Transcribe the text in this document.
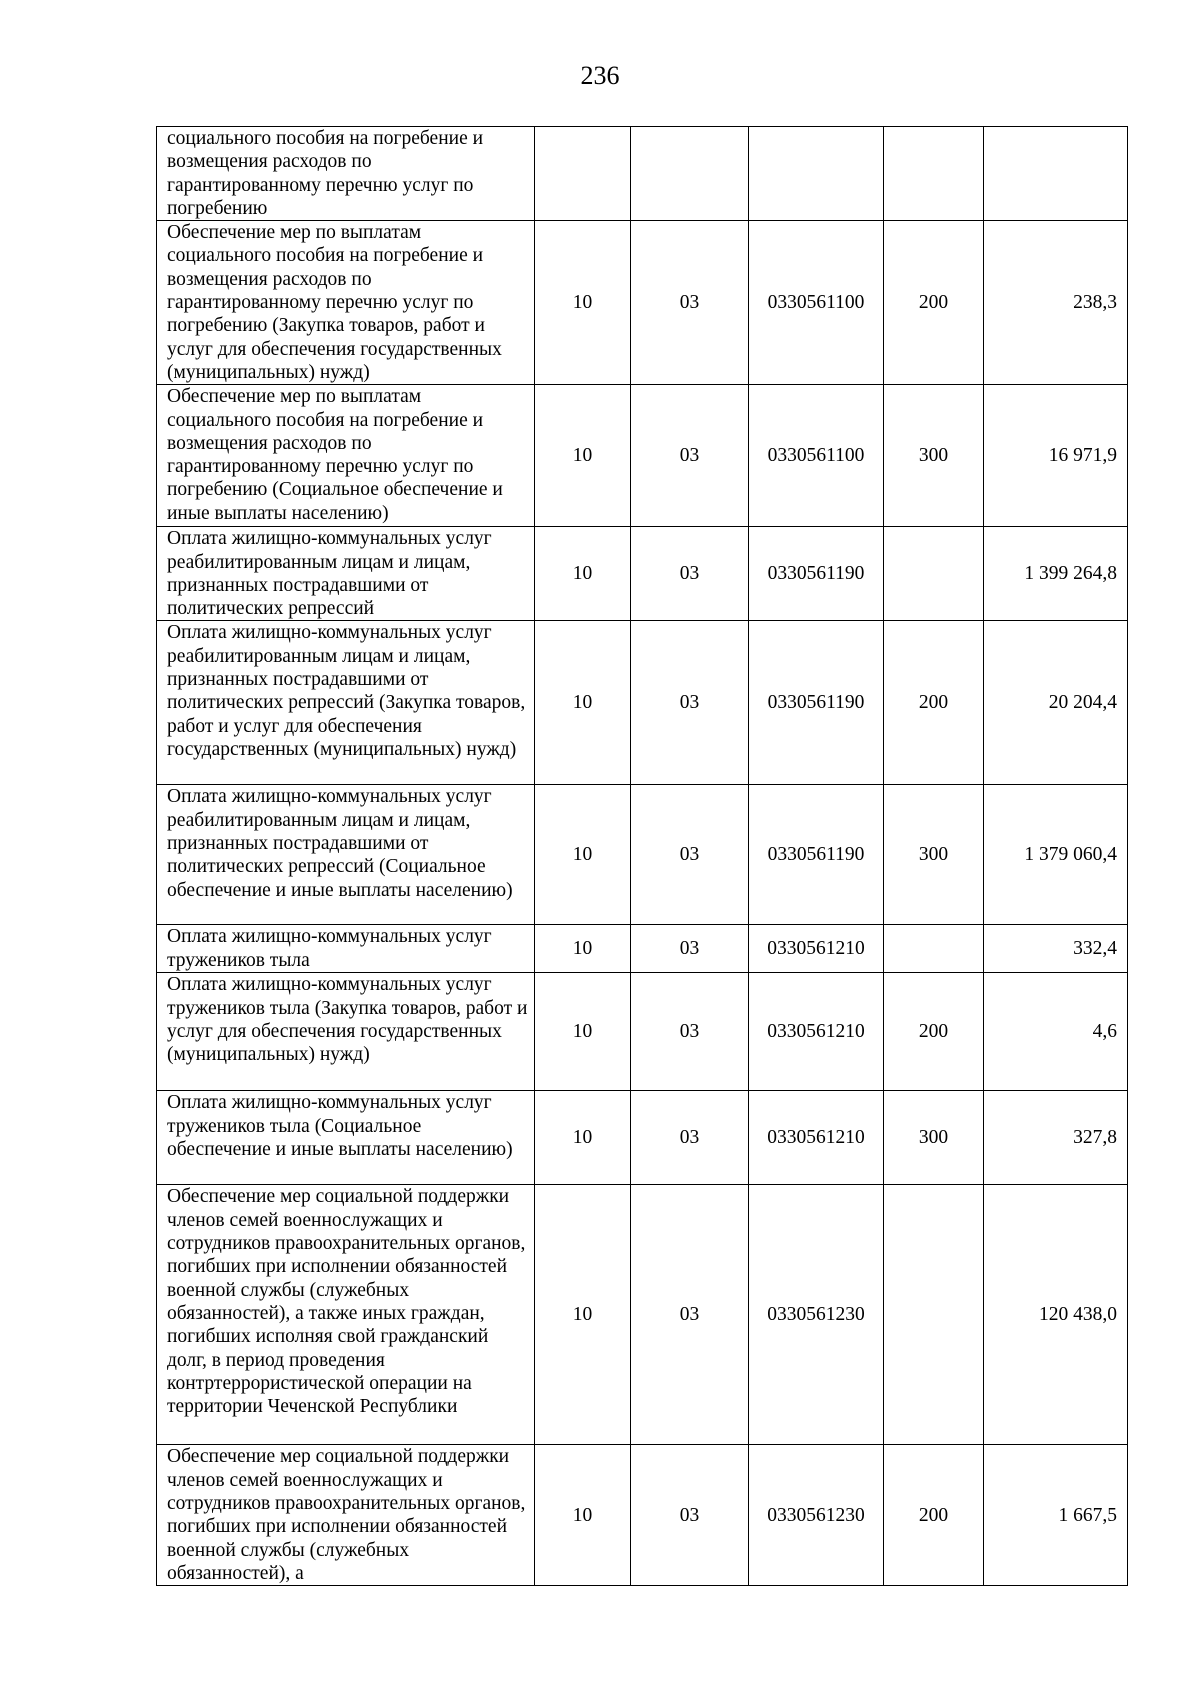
236
социального пособия на погребение и возмещения расходов по гарантированному перечню услуг по погребению					
Обеспечение мер по выплатам социального пособия на погребение и возмещения расходов по гарантированному перечню услуг по погребению (Закупка товаров, работ и услуг для обеспечения государственных (муниципальных) нужд)	10	03	0330561100	200	238,3
Обеспечение мер по выплатам социального пособия на погребение и возмещения расходов по гарантированному перечню услуг по погребению (Социальное обеспечение и иные выплаты населению)	10	03	0330561100	300	16 971,9
Оплата жилищно-коммунальных услуг реабилитированным лицам и лицам, признанных пострадавшими от политических репрессий	10	03	0330561190		1 399 264,8
Оплата жилищно-коммунальных услуг реабилитированным лицам и лицам, признанных пострадавшими от политических репрессий (Закупка товаров, работ и услуг для обеспечения государственных (муниципальных) нужд)	10	03	0330561190	200	20 204,4
Оплата жилищно-коммунальных услуг реабилитированным лицам и лицам, признанных пострадавшими от политических репрессий (Социальное обеспечение и иные выплаты населению)	10	03	0330561190	300	1 379 060,4
Оплата жилищно-коммунальных услуг тружеников тыла	10	03	0330561210		332,4
Оплата жилищно-коммунальных услуг тружеников тыла (Закупка товаров, работ и услуг для обеспечения государственных (муниципальных) нужд)	10	03	0330561210	200	4,6
Оплата жилищно-коммунальных услуг тружеников тыла (Социальное обеспечение и иные выплаты населению)	10	03	0330561210	300	327,8
Обеспечение мер социальной поддержки членов семей военнослужащих и сотрудников правоохранительных органов, погибших при исполнении обязанностей военной службы (служебных обязанностей), а также иных граждан, погибших исполняя свой гражданский долг, в период проведения контртеррористической операции на территории Чеченской Республики	10	03	0330561230		120 438,0
Обеспечение мер социальной поддержки членов семей военнослужащих и сотрудников правоохранительных органов, погибших при исполнении обязанностей военной службы (служебных обязанностей), а	10	03	0330561230	200	1 667,5
